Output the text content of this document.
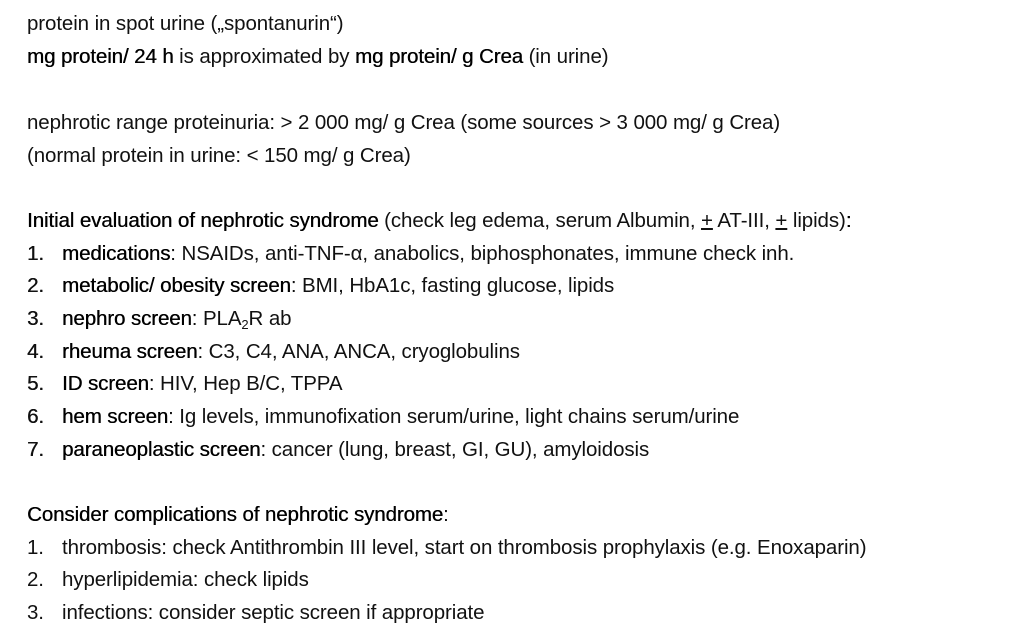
protein in spot urine („spontanurin“)
mg protein/ 24 h is approximated by mg protein/ g Crea (in urine)
nephrotic range proteinuria: > 2 000 mg/ g Crea (some sources > 3 000 mg/ g Crea)
(normal protein in urine: < 150 mg/ g Crea)
Initial evaluation of nephrotic syndrome (check leg edema, serum Albumin, + AT-III, + lipids):
1. medications: NSAIDs, anti-TNF-α, anabolics, biphosphonates, immune check inh.
2. metabolic/ obesity screen: BMI, HbA1c, fasting glucose, lipids
3. nephro screen: $PLA_2R$ ab
4. rheuma screen: C3, C4, ANA, ANCA, cryoglobulins
5. ID screen: HIV, Hep B/C, TPPA
6. hem screen: Ig levels, immunofixation serum/urine, light chains serum/urine
7. paraneoplastic screen: cancer (lung, breast, GI, GU), amyloidosis
Consider complications of nephrotic syndrome:
1. thrombosis: check Antithrombin III level, start on thrombosis prophylaxis (e.g. Enoxaparin)
2. hyperlipidemia: check lipids
3. infections: consider septic screen if appropriate
